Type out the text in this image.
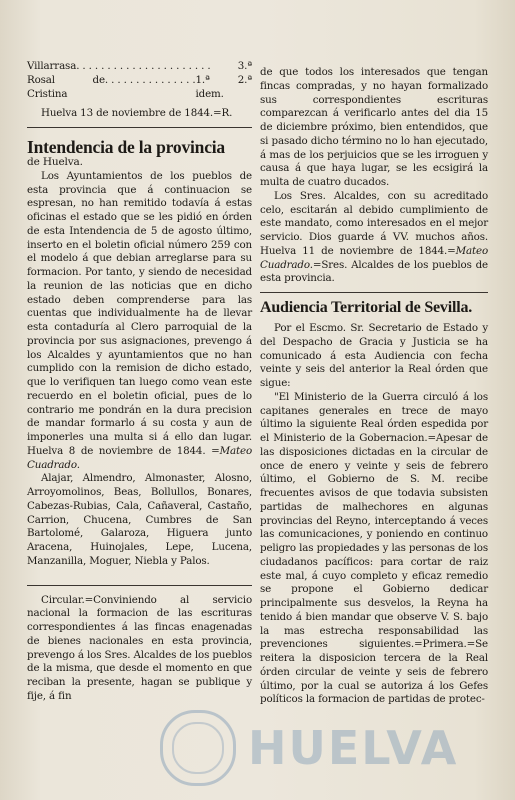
Villarrasa . . . . . . . . . . . . . . . . . . . . . .	3.ª

Rosal de Cristina
. . . . . . . . . . . . . . . 1.ª 2.ª idem.

Huelva 13 de noviembre de 1844.=R.

Intendencia de la provincia

de Huelva.

Los Ayuntamientos de los pueblos de esta provincia que á continuacion se espresan, no han remitido todavía á estas oficinas el estado que se les pidió en órden de esta Intendencia de 5 de agosto último, inserto en el boletin oficial número 259 con el modelo á que debian arreglarse para su formacion. Por tanto, y siendo de necesidad la reunion de las noticias que en dicho estado deben comprenderse para las cuentas que individualmente ha de llevar esta contaduría al Clero parroquial de la provincia por sus asignaciones, prevengo á los Alcaldes y ayuntamientos que no han cumplido con la remision de dicho estado, que lo verifiquen tan luego como vean este recuerdo en el boletin oficial, pues de lo contrario me pondrán en la dura precision de mandar formarlo á su costa y aun de imponerles una multa si á ello dan lugar. Huelva 8 de noviembre de 1844. =Mateo Cuadrado.

Alajar, Almendro, Almonaster, Alosno, Arroyomolinos, Beas, Bollullos, Bonares, Cabezas-Rubias, Cala, Cañaveral, Castaño, Carrion, Chucena, Cumbres de San Bartolomé, Galaroza, Higuera junto Aracena, Huinojales, Lepe, Lucena, Manzanilla, Moguer, Niebla y Palos.

Circular.=Conviniendo al servicio nacional la formacion de las escrituras correspondientes á las fincas enagenadas de bienes nacionales en esta provincia, prevengo á los Sres. Alcaldes de los pueblos de la misma, que desde el momento en que reciban la presente, hagan se publique y fije, á fin

de que todos los interesados que tengan fincas compradas, y no hayan formalizado sus correspondientes escrituras comparezcan á verificarlo antes del dia 15 de diciembre próximo, bien entendidos, que si pasado dicho término no lo han ejecutado, á mas de los perjuicios que se les irroguen y causa á que haya lugar, se les ecsigirá la multa de cuatro ducados.

Los Sres. Alcaldes, con su acreditado celo, escitarán al debido cumplimiento de este mandato, como interesados en el mejor servicio. Dios guarde á VV. muchos años. Huelva 11 de noviembre de 1844.=Mateo Cuadrado.=Sres. Alcaldes de los pueblos de esta provincia.

Audiencia Territorial de Sevilla.

Por el Escmo. Sr. Secretario de Estado y del Despacho de Gracia y Justicia se ha comunicado á esta Audiencia con fecha veinte y seis del anterior la Real órden que sigue:

"El Ministerio de la Guerra circuló á los capitanes generales en trece de mayo último la siguiente Real órden espedida por el Ministerio de la Gobernacion.=Apesar de las disposiciones dictadas en la circular de once de enero y veinte y seis de febrero último, el Gobierno de S. M. recibe frecuentes avisos de que todavia subsisten partidas de malhechores en algunas provincias del Reyno, interceptando á veces las comunicaciones, y poniendo en continuo peligro las propiedades y las personas de los ciudadanos pacíficos: para cortar de raiz este mal, á cuyo completo y eficaz remedio se propone el Gobierno dedicar principalmente sus desvelos, la Reyna ha tenido á bien mandar que observe V. S. bajo la mas estrecha responsabilidad las prevenciones siguientes.=Primera.=Se reitera la disposicion tercera de la Real órden circular de veinte y seis de febrero último, por la cual se autoriza á los Gefes políticos la formacion de partidas de protec-

HUELVA
